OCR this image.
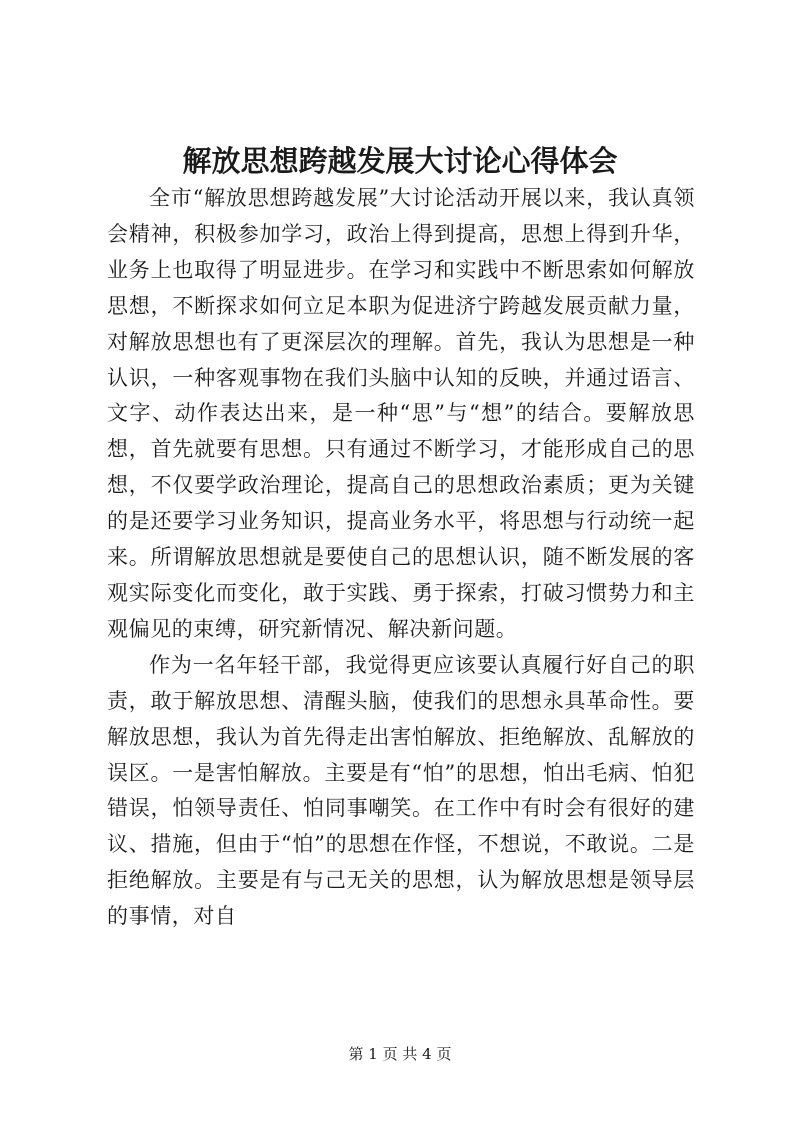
解放思想跨越发展大讨论心得体会

全市“解放思想跨越发展”大讨论活动开展以来，我认真领会精神，积极参加学习，政治上得到提高，思想上得到升华，业务上也取得了明显进步。在学习和实践中不断思索如何解放思想，不断探求如何立足本职为促进济宁跨越发展贡献力量，对解放思想也有了更深层次的理解。首先，我认为思想是一种认识，一种客观事物在我们头脑中认知的反映，并通过语言、文字、动作表达出来，是一种“思”与“想”的结合。要解放思想，首先就要有思想。只有通过不断学习，才能形成自己的思想，不仅要学政治理论，提高自己的思想政治素质；更为关键的是还要学习业务知识，提高业务水平，将思想与行动统一起来。所谓解放思想就是要使自己的思想认识，随不断发展的客观实际变化而变化，敢于实践、勇于探索，打破习惯势力和主观偏见的束缚，研究新情况、解决新问题。

作为一名年轻干部，我觉得更应该要认真履行好自己的职责，敢于解放思想、清醒头脑，使我们的思想永具革命性。要解放思想，我认为首先得走出害怕解放、拒绝解放、乱解放的误区。一是害怕解放。主要是有“怕”的思想，怕出毛病、怕犯错误，怕领导责任、怕同事嘲笑。在工作中有时会有很好的建议、措施，但由于“怕”的思想在作怪，不想说，不敢说。二是拒绝解放。主要是有与己无关的思想，认为解放思想是领导层的事情，对自

第 1 页 共 4 页
